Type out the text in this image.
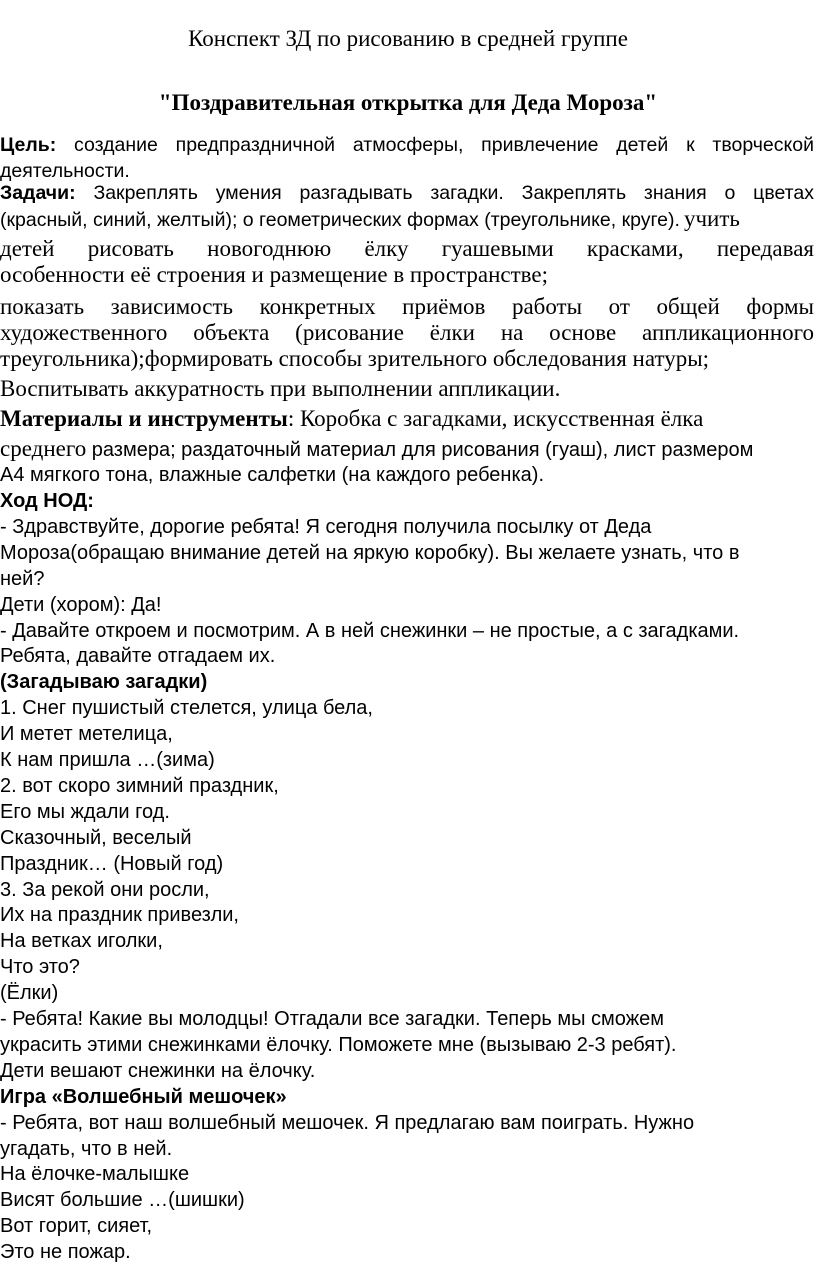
Конспект ЗД по рисованию в средней группе
"Поздравительная открытка для Деда Мороза"
Цель: создание предпраздничной атмосферы, привлечение детей к творческой
деятельности.
Задачи: Закреплять умения разгадывать загадки. Закреплять знания о цветах
(красный, синий, желтый); о геометрических формах (треугольнике, круге). учить
детей рисовать новогоднюю ёлку гуашевыми красками, передавая
особенности её строения и размещение в пространстве;
показать зависимость конкретных приёмов работы от общей формы
художественного объекта (рисование ёлки на основе аппликационного
треугольника);формировать способы зрительного обследования натуры;
Воспитывать аккуратность при выполнении аппликации.
Материалы и инструменты: Коробка с загадками, искусственная ёлка
среднего размера; раздаточный материал для рисования (гуаш), лист размером
А4 мягкого тона, влажные салфетки (на каждого ребенка).
Ход НОД:
- Здравствуйте, дорогие ребята! Я сегодня получила посылку от Деда
Мороза(обращаю внимание детей на яркую коробку). Вы желаете узнать, что в
ней?
Дети (хором): Да!
- Давайте откроем и посмотрим. А в ней снежинки – не простые, а с загадками.
Ребята, давайте отгадаем их.
(Загадываю загадки)
1. Снег пушистый стелется, улица бела,
И метет метелица,
К нам пришла …(зима)
2. вот скоро зимний праздник,
Его мы ждали год.
Сказочный, веселый
Праздник… (Новый год)
3. За рекой они росли,
Их на праздник привезли,
На ветках иголки,
Что это?
(Ёлки)
- Ребята! Какие вы молодцы! Отгадали все загадки. Теперь мы сможем
украсить этими снежинками ёлочку. Поможете мне (вызываю 2-3 ребят).
Дети вешают снежинки на ёлочку.
Игра «Волшебный мешочек»
- Ребята, вот наш волшебный мешочек. Я предлагаю вам поиграть. Нужно
угадать, что в ней.
На ёлочке-малышке
Висят большие …(шишки)
Вот горит, сияет,
Это не пожар.
